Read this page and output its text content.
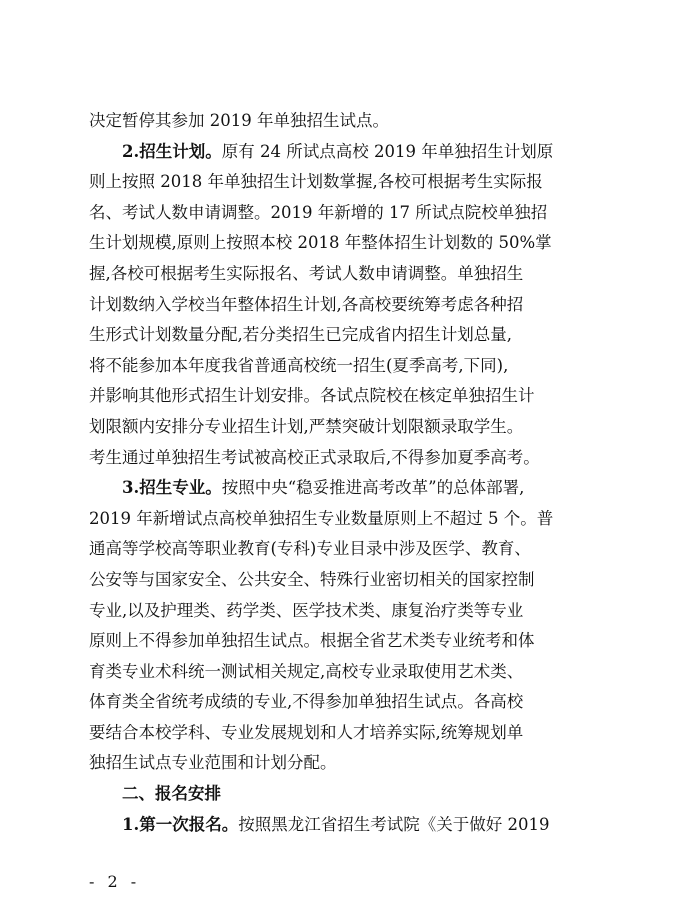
决定暂停其参加 2019 年单独招生试点。
2.招生计划。原有 24 所试点高校 2019 年单独招生计划原
则上按照 2018 年单独招生计划数掌握,各校可根据考生实际报
名、考试人数申请调整。2019 年新增的 17 所试点院校单独招
生计划规模,原则上按照本校 2018 年整体招生计划数的 50%掌
握,各校可根据考生实际报名、考试人数申请调整。单独招生
计划数纳入学校当年整体招生计划,各高校要统筹考虑各种招
生形式计划数量分配,若分类招生已完成省内招生计划总量,
将不能参加本年度我省普通高校统一招生(夏季高考,下同),
并影响其他形式招生计划安排。各试点院校在核定单独招生计
划限额内安排分专业招生计划,严禁突破计划限额录取学生。
考生通过单独招生考试被高校正式录取后,不得参加夏季高考。
3.招生专业。按照中央“稳妥推进高考改革”的总体部署,
2019 年新增试点高校单独招生专业数量原则上不超过 5 个。普
通高等学校高等职业教育(专科)专业目录中涉及医学、教育、
公安等与国家安全、公共安全、特殊行业密切相关的国家控制
专业,以及护理类、药学类、医学技术类、康复治疗类等专业
原则上不得参加单独招生试点。根据全省艺术类专业统考和体
育类专业术科统一测试相关规定,高校专业录取使用艺术类、
体育类全省统考成绩的专业,不得参加单独招生试点。各高校
要结合本校学科、专业发展规划和人才培养实际,统筹规划单
独招生试点专业范围和计划分配。
二、报名安排
1.第一次报名。按照黑龙江省招生考试院《关于做好 2019
- 2 -
